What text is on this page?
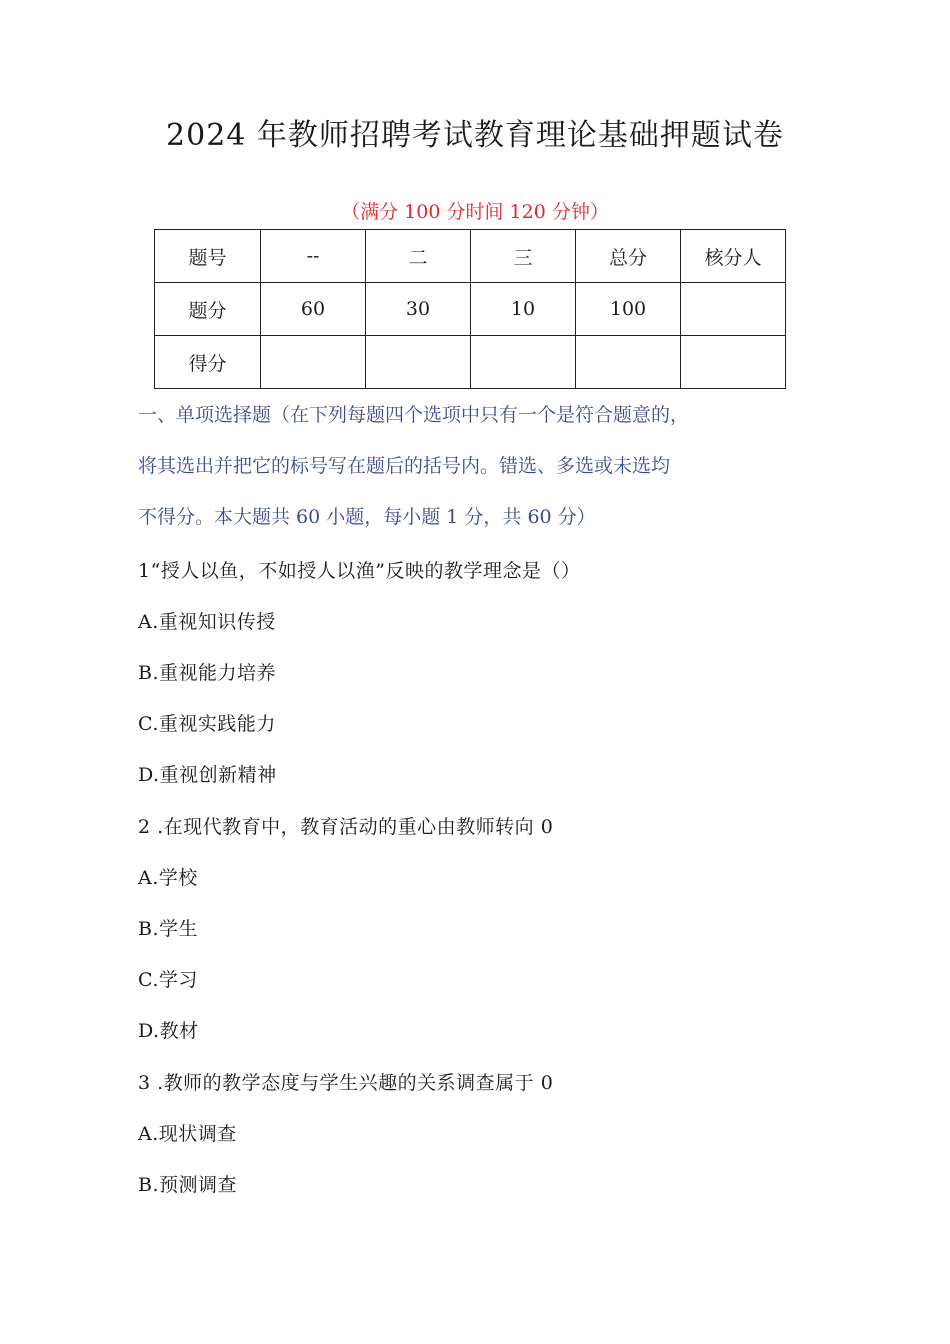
2024 年教师招聘考试教育理论基础押题试卷
（满分 100 分时间 120 分钟）
题号	--	二	三	总分	核分人
题分	60	30	10	100	
得分					
一、单项选择题（在下列每题四个选项中只有一个是符合题意的，
将其选出并把它的标号写在题后的括号内。错选、多选或未选均
不得分。本大题共 60 小题，每小题 1 分，共 60 分）
1“授人以鱼，不如授人以渔”反映的教学理念是（）
A.重视知识传授
B.重视能力培养
C.重视实践能力
D.重视创新精神
2 .在现代教育中，教育活动的重心由教师转向 0
A.学校
B.学生
C.学习
D.教材
3 .教师的教学态度与学生兴趣的关系调查属于 0
A.现状调查
B.预测调查
